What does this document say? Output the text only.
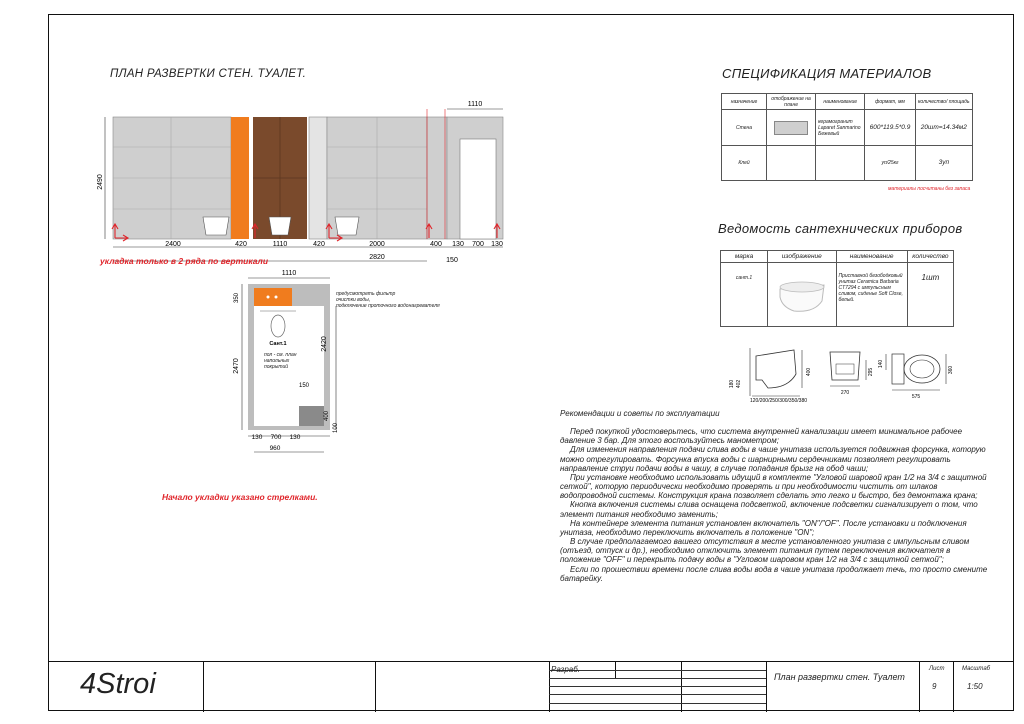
ПЛАН РАЗВЕРТКИ СТЕН. ТУАЛЕТ.	СПЕЦИФИКАЦИЯ МАТЕРИАЛОВ
Ведомость сантехнических приборов
2490
1110
2400	420	1110	420	2000	400 130 700 130
2820	150
укладка только в 2 ряда по вертикали
1110
2470
2420
350
150
400
100
130 700 130
960
Сант.1
предусмотреть фильтр
очистки воды,
подключение проточного водонагревателя
пол - см. план
напольных
покрытий
Начало укладки указано стрелками.
назначение	отображение на плане	наименование	формат, мм	количество/ площадь
Стена		керамогранит Laparet Sanmarino Бежевый	600*119.5*0.9	20шт=14.34м2
Клей			уп/25кг	3уп
материалы посчитаны без запаса
марка	изображение	наименование	количество
сант.1		Приставной безободковый унитаз Ceramica Barbaria CT7294 с импульсным сливом, сиденье Soft Close, белый.	1шт
180 402
120/200/250/300/350/380
400
270
295
575
360
140

Рекомендации и советы по эксплуатации

Перед покупкой удостоверьтесь, что система внутренней канализации имеет минимальное рабочее давление 3 бар. Для этого воспользуйтесь манометром;

Для изменения направления подачи слива воды в чаше унитаза используется подвижная форсунка, которую можно отрегулировать. Форсунка впуска воды с шарнирными сердечниками позволяет регулировать направление струи подачи воды в чашу, в случае попадания брызг на обод чаши;

При установке необходимо использовать идущий в комплекте "Угловой шаровой кран 1/2 на 3/4 с защитной сеткой", которую периодически необходимо проверять и при необходимости чистить от шлаков водопроводной системы. Конструкция крана позволяет сделать это легко и быстро, без демонтажа крана;

Кнопка включения системы слива оснащена подсветкой, включение подсветки сигнализирует о том, что элемент питания необходимо заменить;

На контейнере элемента питания установлен включатель "ON"/"OF". После установки и подключения унитаза, необходимо переключить включатель в положение "ON";

В случае предполагаемого вашего отсутствия в месте установленного унитаза с импульсным сливом (отъезд, отпуск и др.), необходимо отключить элемент питания путем переключения включателя в положение "OFF" и перекрыть подачу воды в "Угловом шаровом кран 1/2 на 3/4 с защитной сеткой";

Если по прошествии времени после слива воды вода в чаше унитаза продолжает течь, то просто смените батарейку.

4Stroi	Разраб.
План развертки стен. Туалет
Лист
9
Масштаб
1:50
